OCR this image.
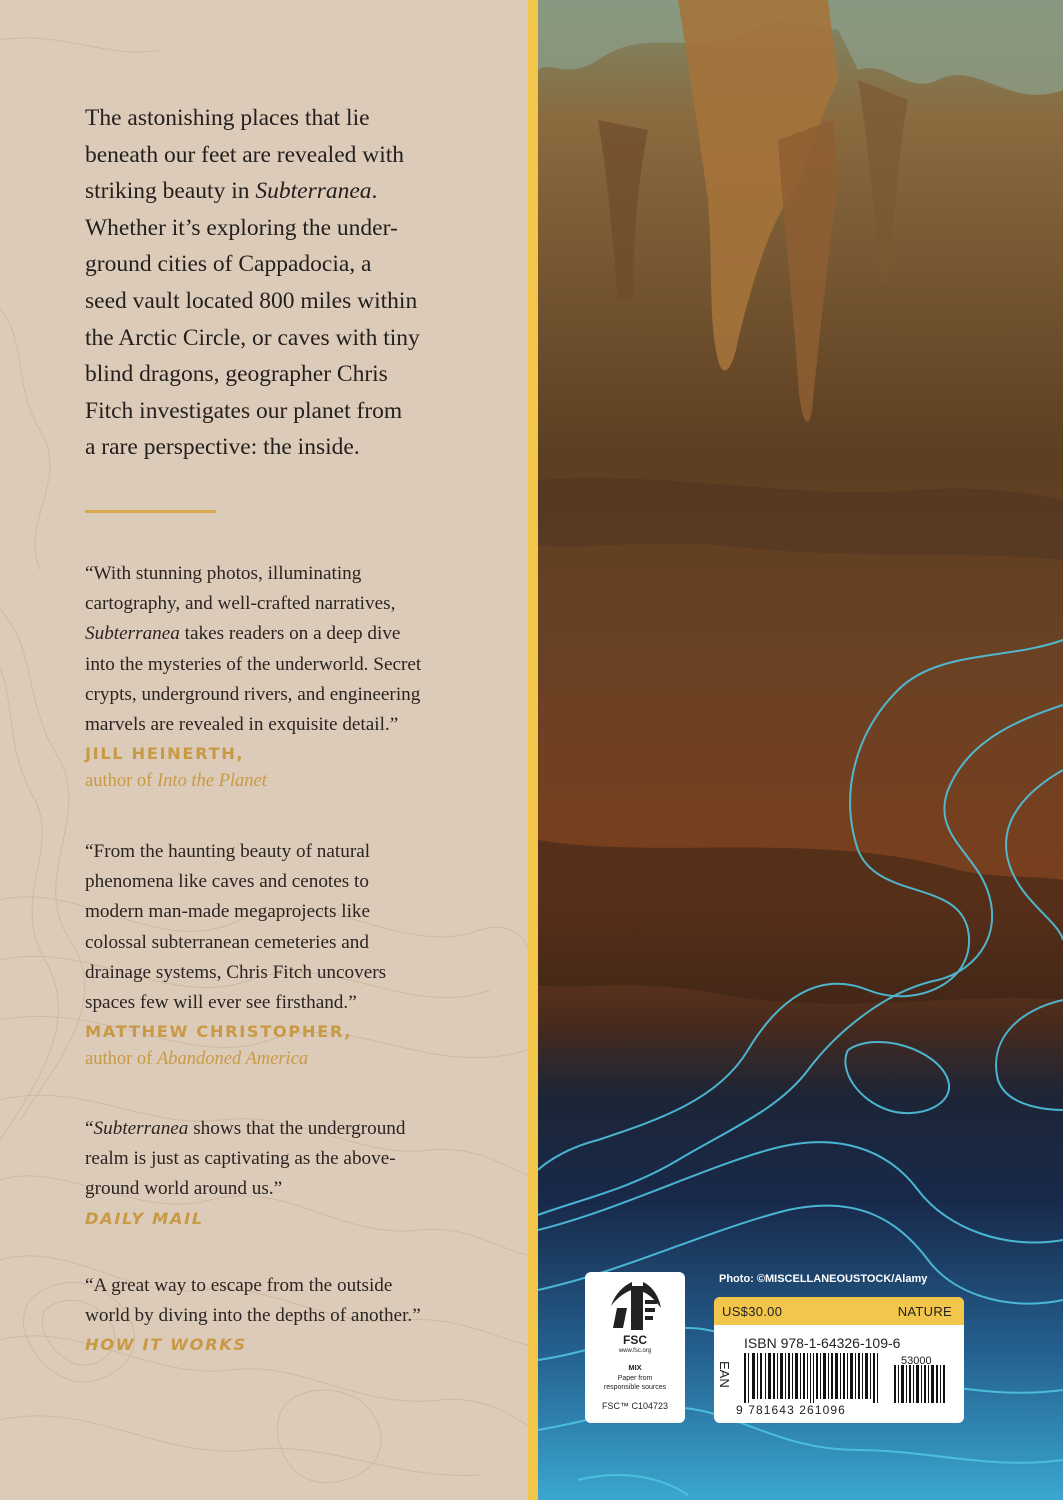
The astonishing places that lie

beneath our feet are revealed with

striking beauty in Subterranea.

Whether it’s exploring the under-

ground cities of Cappadocia, a

seed vault located 800 miles within

the Arctic Circle, or caves with tiny

blind dragons, geographer Chris

Fitch investigates our planet from

a rare perspective: the inside.

“With stunning photos, illuminating

cartography, and well-crafted narratives,

Subterranea takes readers on a deep dive

into the mysteries of the underworld. Secret

crypts, underground rivers, and engineering

marvels are revealed in exquisite detail.”

JILL HEINERTH,

author of Into the Planet

“From the haunting beauty of natural

phenomena like caves and cenotes to

modern man-made megaprojects like

colossal subterranean cemeteries and

drainage systems, Chris Fitch uncovers

spaces few will ever see firsthand.”

MATTHEW CHRISTOPHER,

author of Abandoned America

“Subterranea shows that the underground

realm is just as captivating as the above-

ground world around us.”

DAILY MAIL

“A great way to escape from the outside

world by diving into the depths of another.”

HOW IT WORKS

Photo: ©MISCELLANEOUSTOCK/Alamy
FSC
www.fsc.org
MIX
Paper from
responsible sources
FSC™ C104723
US$30.00	NATURE
ISBN 978-1-64326-109-6
EAN	53000
9 781643 261096
